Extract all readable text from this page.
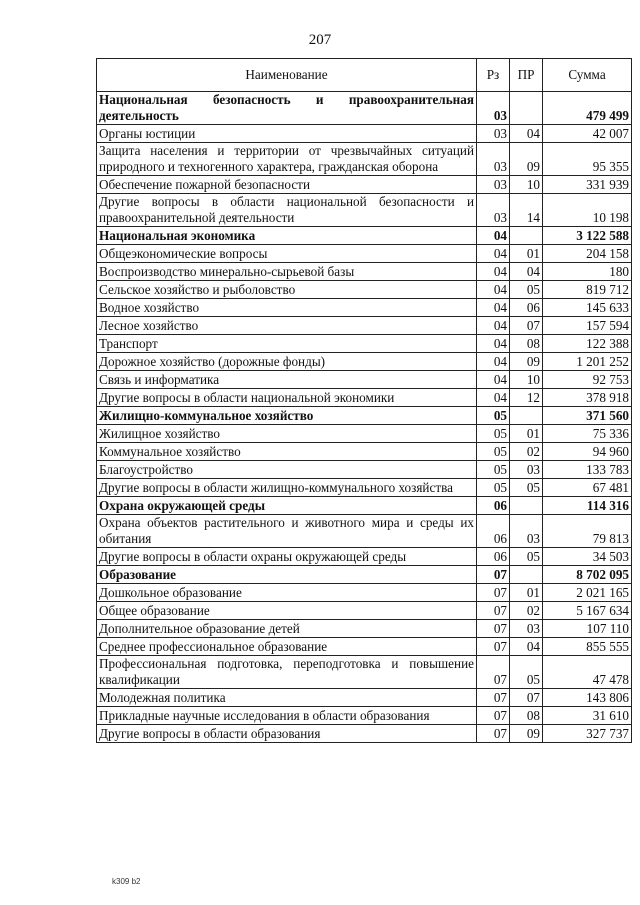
207
Наименование	Рз	ПР	Сумма
Национальная безопасность и правоохранительная деятельность	03		479 499
Органы юстиции	03	04	42 007
Защита населения и территории от чрезвычайных ситуаций природного и техногенного характера, гражданская оборона	03	09	95 355
Обеспечение пожарной безопасности	03	10	331 939
Другие вопросы в области национальной безопасности и правоохранительной деятельности	03	14	10 198
Национальная экономика	04		3 122 588
Общеэкономические вопросы	04	01	204 158
Воспроизводство минерально-сырьевой базы	04	04	180
Сельское хозяйство и рыболовство	04	05	819 712
Водное хозяйство	04	06	145 633
Лесное хозяйство	04	07	157 594
Транспорт	04	08	122 388
Дорожное хозяйство (дорожные фонды)	04	09	1 201 252
Связь и информатика	04	10	92 753
Другие вопросы в области национальной экономики	04	12	378 918
Жилищно-коммунальное хозяйство	05		371 560
Жилищное хозяйство	05	01	75 336
Коммунальное хозяйство	05	02	94 960
Благоустройство	05	03	133 783
Другие вопросы в области жилищно-коммунального хозяйства	05	05	67 481
Охрана окружающей среды	06		114 316
Охрана объектов растительного и животного мира и среды их обитания	06	03	79 813
Другие вопросы в области охраны окружающей среды	06	05	34 503
Образование	07		8 702 095
Дошкольное образование	07	01	2 021 165
Общее образование	07	02	5 167 634
Дополнительное образование детей	07	03	107 110
Среднее профессиональное образование	07	04	855 555
Профессиональная подготовка, переподготовка и повышение квалификации	07	05	47 478
Молодежная политика	07	07	143 806
Прикладные научные исследования в области образования	07	08	31 610
Другие вопросы в области образования	07	09	327 737
k309 b2
